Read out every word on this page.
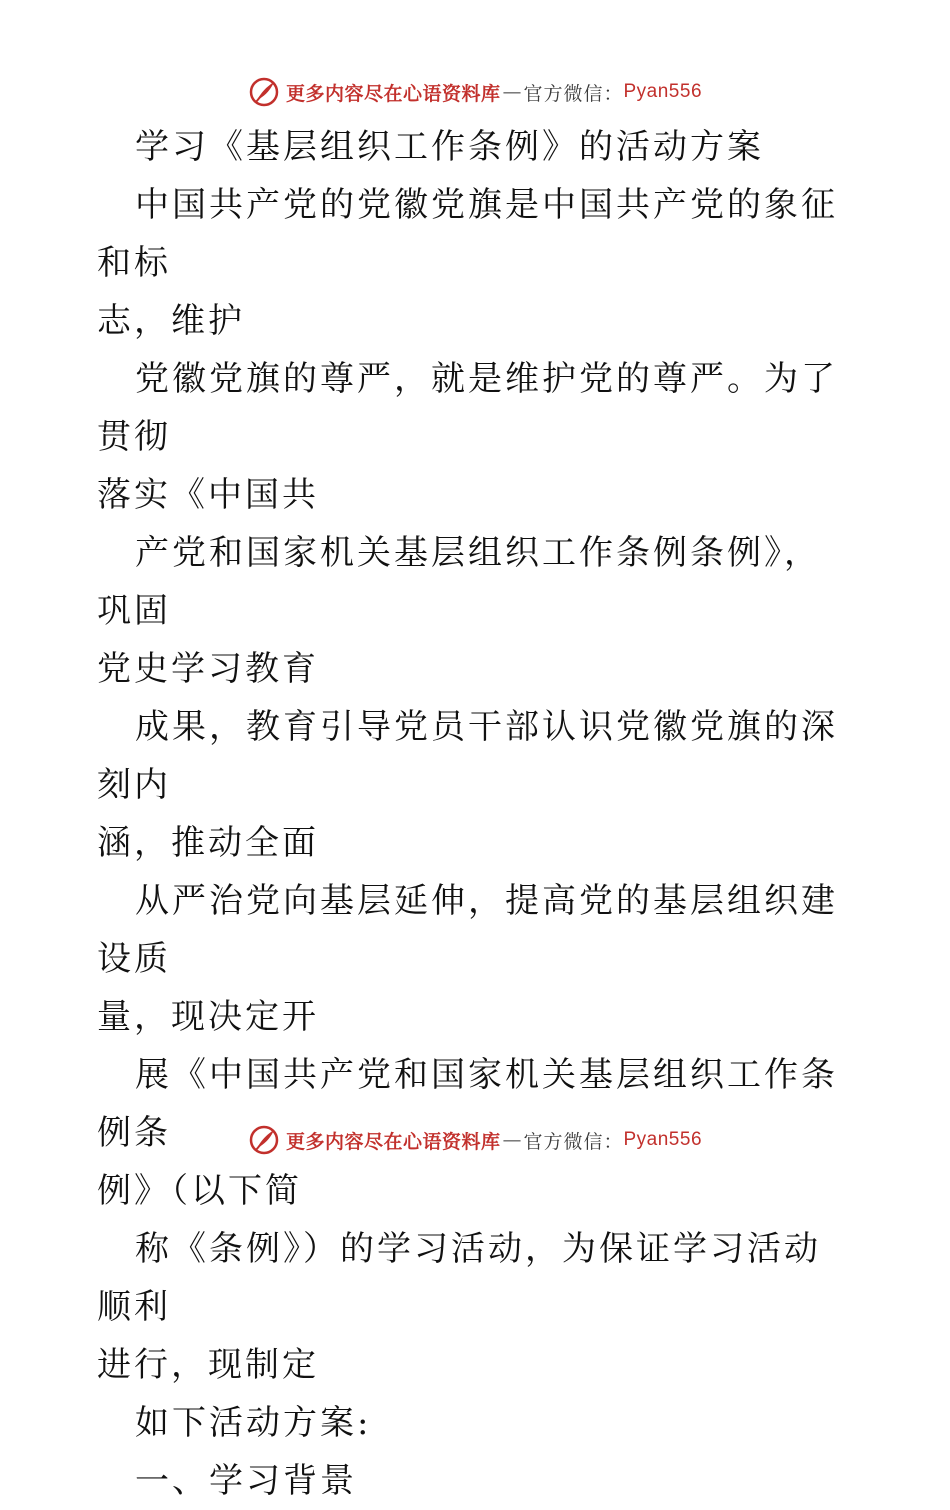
更多内容尽在心语资料库 — 官方微信： Pyan556

学习《基层组织工作条例》的活动方案

中国共产党的党徽党旗是中国共产党的象征和标
志，维护

党徽党旗的尊严，就是维护党的尊严。为了贯彻
落实《中国共

产党和国家机关基层组织工作条例条例》，巩固
党史学习教育

成果，教育引导党员干部认识党徽党旗的深刻内
涵，推动全面

从严治党向基层延伸，提高党的基层组织建设质
量，现决定开

展《中国共产党和国家机关基层组织工作条例条
例》（以下简

称《条例》）的学习活动，为保证学习活动顺利
进行，现制定

如下活动方案:

一、学习背景

更多内容尽在心语资料库 — 官方微信： Pyan556
